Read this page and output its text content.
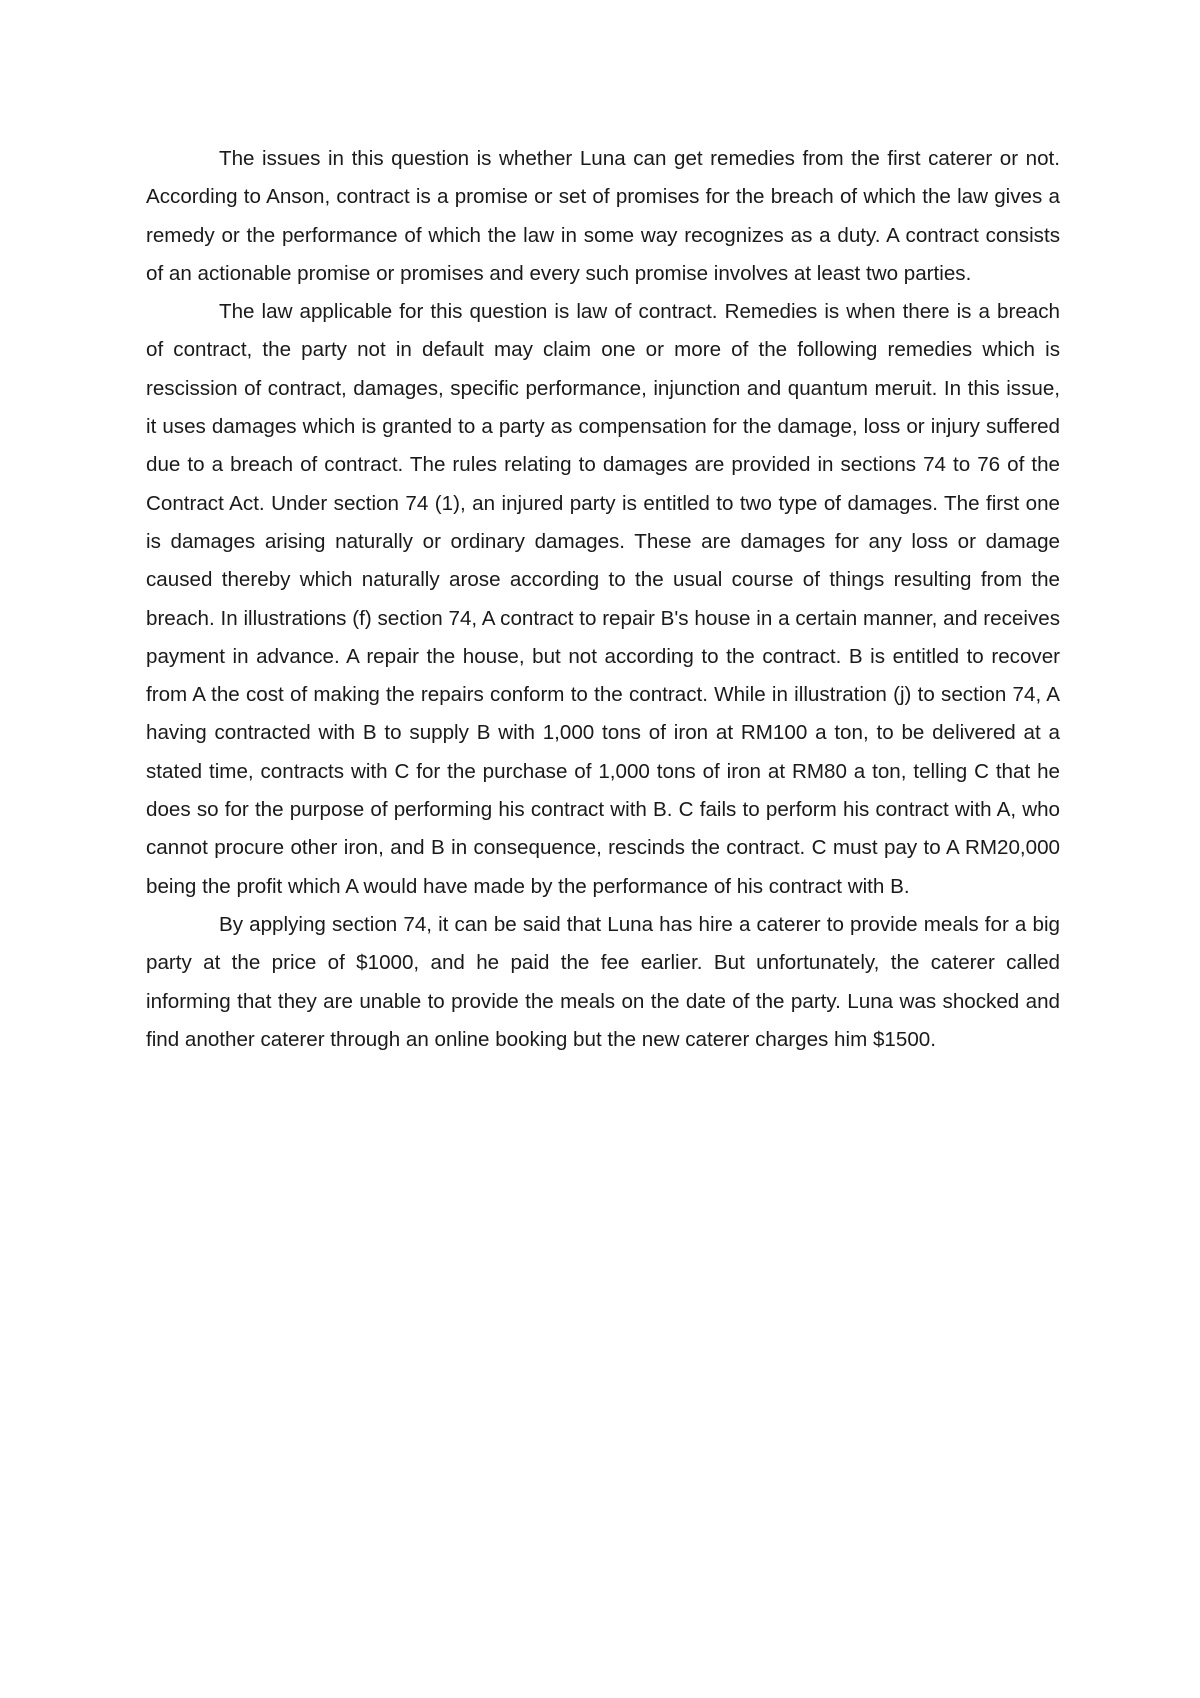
The issues in this question is whether Luna can get remedies from the first caterer or not. According to Anson, contract is a promise or set of promises for the breach of which the law gives a remedy or the performance of which the law in some way recognizes as a duty. A contract consists of an actionable promise or promises and every such promise involves at least two parties.

The law applicable for this question is law of contract. Remedies is when there is a breach of contract, the party not in default may claim one or more of the following remedies which is rescission of contract, damages, specific performance, injunction and quantum meruit. In this issue, it uses damages which is granted to a party as compensation for the damage, loss or injury suffered due to a breach of contract. The rules relating to damages are provided in sections 74 to 76 of the Contract Act. Under section 74 (1), an injured party is entitled to two type of damages. The first one is damages arising naturally or ordinary damages. These are damages for any loss or damage caused thereby which naturally arose according to the usual course of things resulting from the breach. In illustrations (f) section 74, A contract to repair B's house in a certain manner, and receives payment in advance. A repair the house, but not according to the contract. B is entitled to recover from A the cost of making the repairs conform to the contract. While in illustration (j) to section 74, A having contracted with B to supply B with 1,000 tons of iron at RM100 a ton, to be delivered at a stated time, contracts with C for the purchase of 1,000 tons of iron at RM80 a ton, telling C that he does so for the purpose of performing his contract with B. C fails to perform his contract with A, who cannot procure other iron, and B in consequence, rescinds the contract. C must pay to A RM20,000 being the profit which A would have made by the performance of his contract with B.

By applying section 74, it can be said that Luna has hire a caterer to provide meals for a big party at the price of $1000, and he paid the fee earlier. But unfortunately, the caterer called informing that they are unable to provide the meals on the date of the party. Luna was shocked and find another caterer through an online booking but the new caterer charges him $1500.
